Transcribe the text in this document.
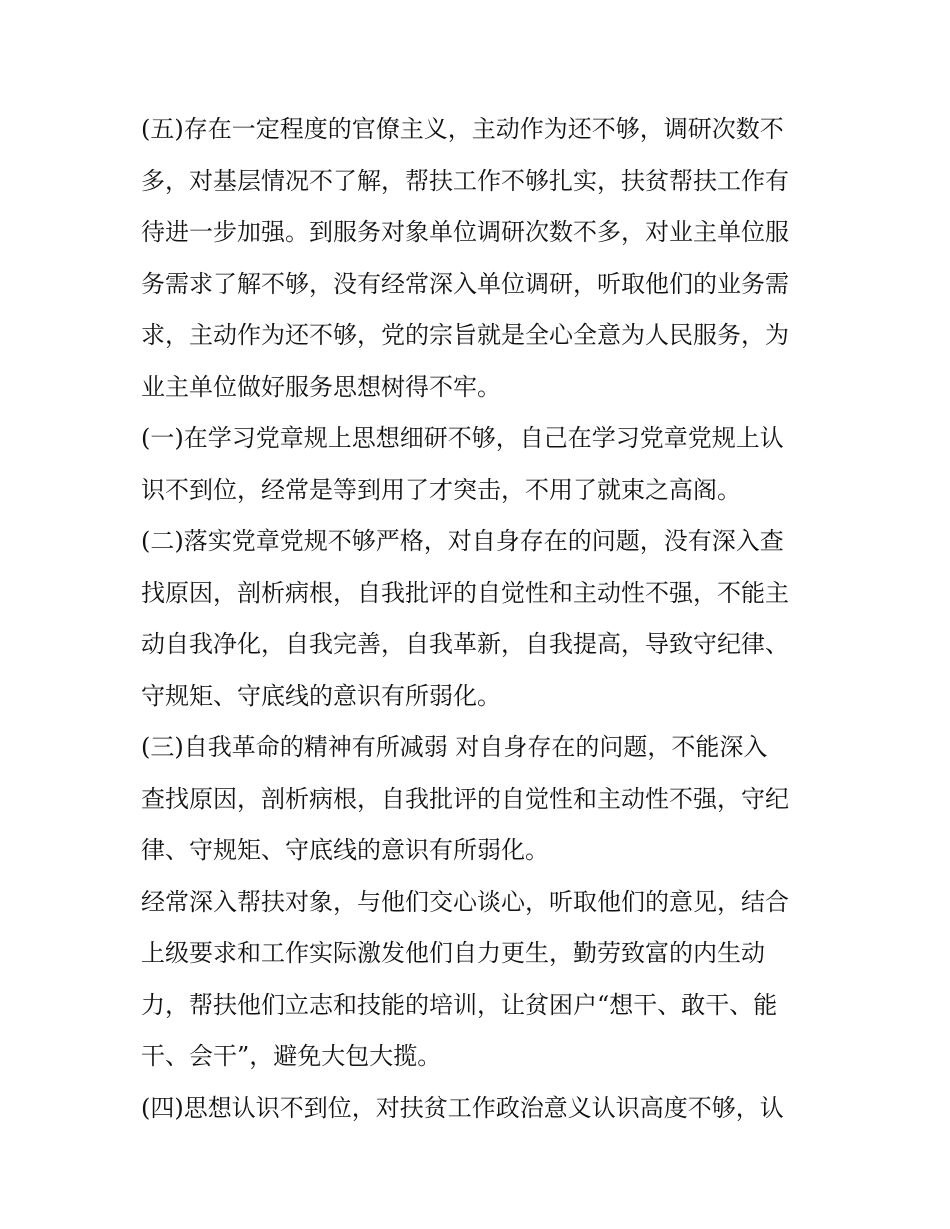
(五)存在一定程度的官僚主义，主动作为还不够，调研次数不
多，对基层情况不了解，帮扶工作不够扎实，扶贫帮扶工作有
待进一步加强。到服务对象单位调研次数不多，对业主单位服
务需求了解不够，没有经常深入单位调研，听取他们的业务需
求，主动作为还不够，党的宗旨就是全心全意为人民服务，为
业主单位做好服务思想树得不牢。
(一)在学习党章规上思想细研不够，自己在学习党章党规上认
识不到位，经常是等到用了才突击，不用了就束之高阁。
(二)落实党章党规不够严格，对自身存在的问题，没有深入查
找原因，剖析病根，自我批评的自觉性和主动性不强，不能主
动自我净化，自我完善，自我革新，自我提高，导致守纪律、
守规矩、守底线的意识有所弱化。
(三)自我革命的精神有所减弱 对自身存在的问题，不能深入
查找原因，剖析病根，自我批评的自觉性和主动性不强，守纪
律、守规矩、守底线的意识有所弱化。
经常深入帮扶对象，与他们交心谈心，听取他们的意见，结合
上级要求和工作实际激发他们自力更生，勤劳致富的内生动
力，帮扶他们立志和技能的培训，让贫困户“想干、敢干、能
干、会干”，避免大包大揽。
(四)思想认识不到位，对扶贫工作政治意义认识高度不够，认
